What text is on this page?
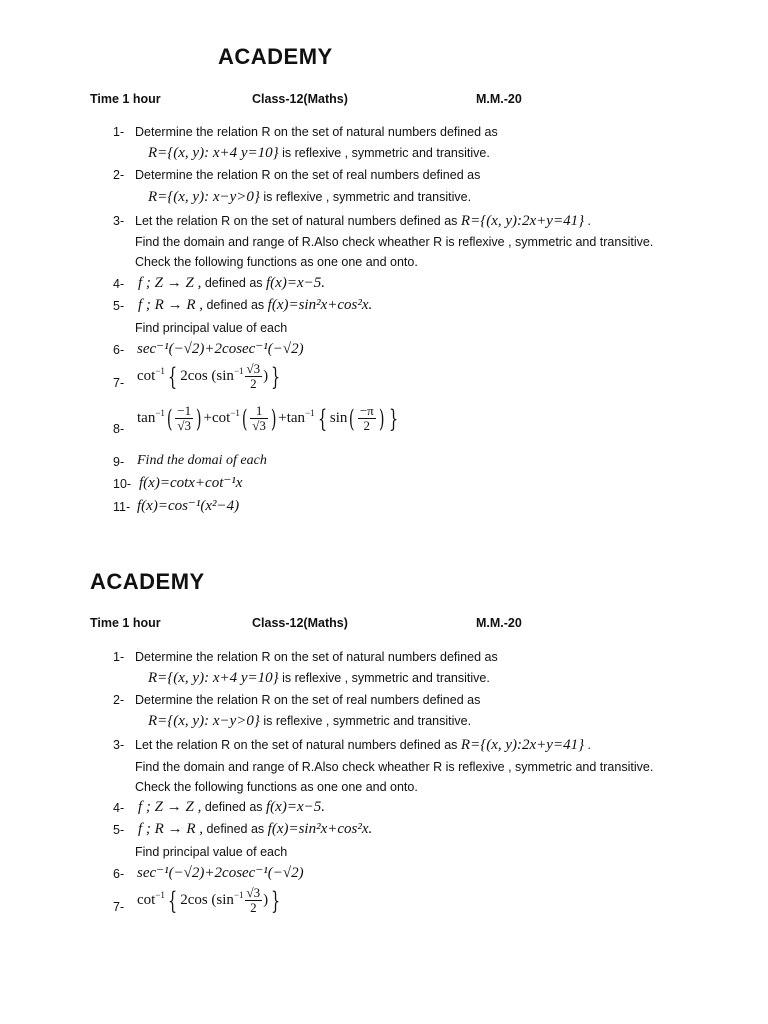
ACADEMY
Time 1 hour	Class-12(Maths)	M.M.-20
1- Determine the relation R on the set of natural numbers defined as
R={(x, y): x+4 y=10} is reflexive , symmetric and transitive.
2- Determine the relation R on the set of real numbers defined as
R={(x, y): x−y>0} is reflexive , symmetric and transitive.
3- Let the relation R on the set of natural numbers defined as R={(x, y):2x+y=41} .
Find the domain and range of R.Also check wheather R is reflexive , symmetric and transitive.
Check the following functions as one one and onto.
4- f ; Z → Z , defined as f(x)=x−5.
5- f ; R → R , defined as f(x)=sin²x+cos²x.
Find principal value of each
6- sec⁻¹(−√2)+2cosec⁻¹(−√2)
7- $\cot^{-1}$ { 2cos ($\sin^{-1} \frac{√3}{2}$ ) }
8-
$\tan^{-1}( \frac{-1}{√3}$ ) $+\cot^{-1}( \frac{1}{√3}$ ) $+\tan^{-1}$ { $\sin( \frac{-\pi}{2}$ ) }
9- Find the domai of each
10- f(x)=cotx+cot⁻¹x
11- f(x)=cos⁻¹(x²−4)
ACADEMY
Time 1 hour	Class-12(Maths)	M.M.-20
1- Determine the relation R on the set of natural numbers defined as
R={(x, y): x+4 y=10} is reflexive , symmetric and transitive.
2- Determine the relation R on the set of real numbers defined as
R={(x, y): x−y>0} is reflexive , symmetric and transitive.
3- Let the relation R on the set of natural numbers defined as R={(x, y):2x+y=41} .
Find the domain and range of R.Also check wheather R is reflexive , symmetric and transitive.
Check the following functions as one one and onto.
4- f ; Z → Z , defined as f(x)=x−5.
5- f ; R → R , defined as f(x)=sin²x+cos²x.
Find principal value of each
6- sec⁻¹(−√2)+2cosec⁻¹(−√2)
7- $\cot^{-1}$ { 2cos ($\sin^{-1} \frac{√3}{2}$ ) }
